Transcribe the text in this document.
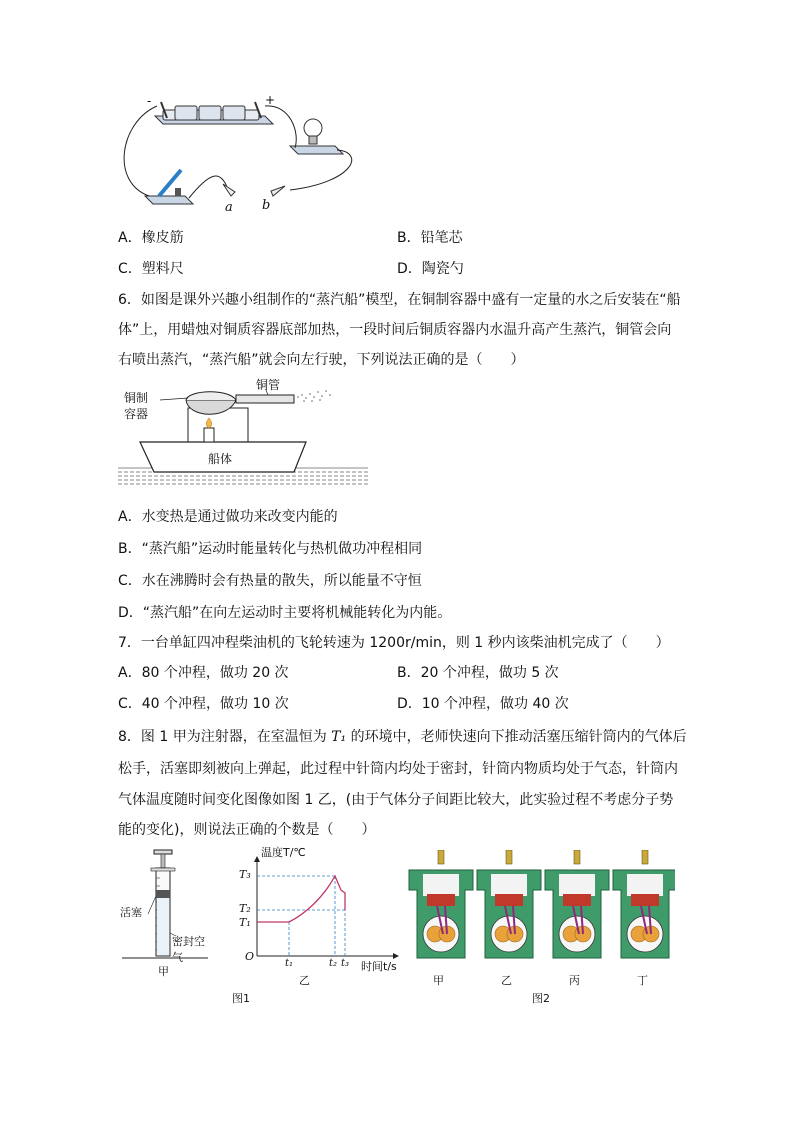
-	+
a b
A．橡皮筋	B．铅笔芯
C．塑料尺	D．陶瓷勺
6．如图是课外兴趣小组制作的“蒸汽船”模型，在铜制容器中盛有一定量的水之后安装在“船
体”上，用蜡烛对铜质容器底部加热，一段时间后铜质容器内水温升高产生蒸汽，铜管会向
右喷出蒸汽，“蒸汽船”就会向左行驶，下列说法正确的是（　　）
铜制
容器
铜管
船体
A．水变热是通过做功来改变内能的
B．“蒸汽船”运动时能量转化与热机做功冲程相同
C．水在沸腾时会有热量的散失，所以能量不守恒
D．“蒸汽船”在向左运动时主要将机械能转化为内能。
7．一台单缸四冲程柴油机的飞轮转速为 1200r/min，则 1 秒内该柴油机完成了（　　）
A．80 个冲程，做功 20 次	B．20 个冲程，做功 5 次
C．40 个冲程，做功 10 次	D．10 个冲程，做功 40 次
8．图 1 甲为注射器，在室温恒为 T₁ 的环境中，老师快速向下推动活塞压缩针筒内的气体后
松手，活塞即刻被向上弹起，此过程中针筒内均处于密封，针筒内物质均处于气态，针筒内
气体温度随时间变化图像如图 1 乙，(由于气体分子间距比较大，此实验过程不考虑分子势
能的变化)，则说法正确的个数是（　　）
活塞
密封空气
甲
温度T/℃
T₃
T₂
T₁
O
t₁	t₂ t₃ 时间t/s
乙
图1
甲	乙	丙	丁
图2
